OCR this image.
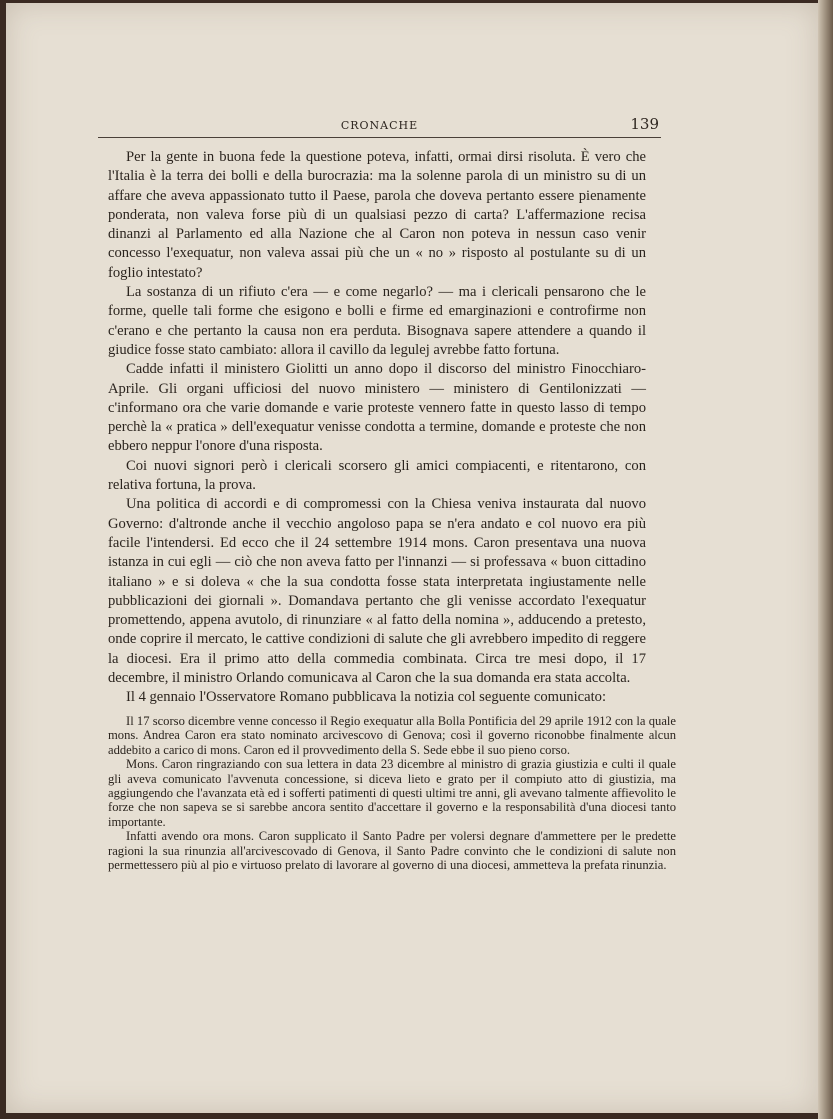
CRONACHE	139

Per la gente in buona fede la questione poteva, infatti, ormai dirsi risoluta. È vero che l'Italia è la terra dei bolli e della burocrazia: ma la solenne parola di un ministro su di un affare che aveva appassionato tutto il Paese, parola che doveva pertanto essere pienamente ponderata, non valeva forse più di un qualsiasi pezzo di carta? L'affermazione recisa dinanzi al Parlamento ed alla Nazione che al Caron non poteva in nessun caso venir concesso l'exequatur, non valeva assai più che un « no » risposto al postulante su di un foglio intestato?

La sostanza di un rifiuto c'era — e come negarlo? — ma i clericali pensarono che le forme, quelle tali forme che esigono e bolli e firme ed emarginazioni e controfirme non c'erano e che pertanto la causa non era perduta. Bisognava sapere attendere a quando il giudice fosse stato cambiato: allora il cavillo da legulej avrebbe fatto fortuna.

Cadde infatti il ministero Giolitti un anno dopo il discorso del ministro Finocchiaro-Aprile. Gli organi ufficiosi del nuovo ministero — ministero di Gentilonizzati — c'informano ora che varie domande e varie proteste vennero fatte in questo lasso di tempo perchè la « pratica » dell'exequatur venisse condotta a termine, domande e proteste che non ebbero neppur l'onore d'una risposta.

Coi nuovi signori però i clericali scorsero gli amici compiacenti, e ritentarono, con relativa fortuna, la prova.

Una politica di accordi e di compromessi con la Chiesa veniva instaurata dal nuovo Governo: d'altronde anche il vecchio angoloso papa se n'era andato e col nuovo era più facile l'intendersi. Ed ecco che il 24 settembre 1914 mons. Caron presentava una nuova istanza in cui egli — ciò che non aveva fatto per l'innanzi — si professava « buon cittadino italiano » e si doleva « che la sua condotta fosse stata interpretata ingiustamente nelle pubblicazioni dei giornali ». Domandava pertanto che gli venisse accordato l'exequatur promettendo, appena avutolo, di rinunziare « al fatto della nomina », adducendo a pretesto, onde coprire il mercato, le cattive condizioni di salute che gli avrebbero impedito di reggere la diocesi. Era il primo atto della commedia combinata. Circa tre mesi dopo, il 17 decembre, il ministro Orlando comunicava al Caron che la sua domanda era stata accolta.

Il 4 gennaio l'Osservatore Romano pubblicava la notizia col seguente comunicato:

Il 17 scorso dicembre venne concesso il Regio exequatur alla Bolla Pontificia del 29 aprile 1912 con la quale mons. Andrea Caron era stato nominato arcivescovo di Genova; così il governo riconobbe finalmente alcun addebito a carico di mons. Caron ed il provvedimento della S. Sede ebbe il suo pieno corso.

Mons. Caron ringraziando con sua lettera in data 23 dicembre al ministro di grazia giustizia e culti il quale gli aveva comunicato l'avvenuta concessione, si diceva lieto e grato per il compiuto atto di giustizia, ma aggiungendo che l'avanzata età ed i sofferti patimenti di questi ultimi tre anni, gli avevano talmente affievolito le forze che non sapeva se si sarebbe ancora sentito d'accettare il governo e la responsabilità d'una diocesi tanto importante.

Infatti avendo ora mons. Caron supplicato il Santo Padre per volersi degnare d'ammettere per le predette ragioni la sua rinunzia all'arcivescovado di Genova, il Santo Padre convinto che le condizioni di salute non permettessero più al pio e virtuoso prelato di lavorare al governo di una diocesi, ammetteva la prefata rinunzia.
